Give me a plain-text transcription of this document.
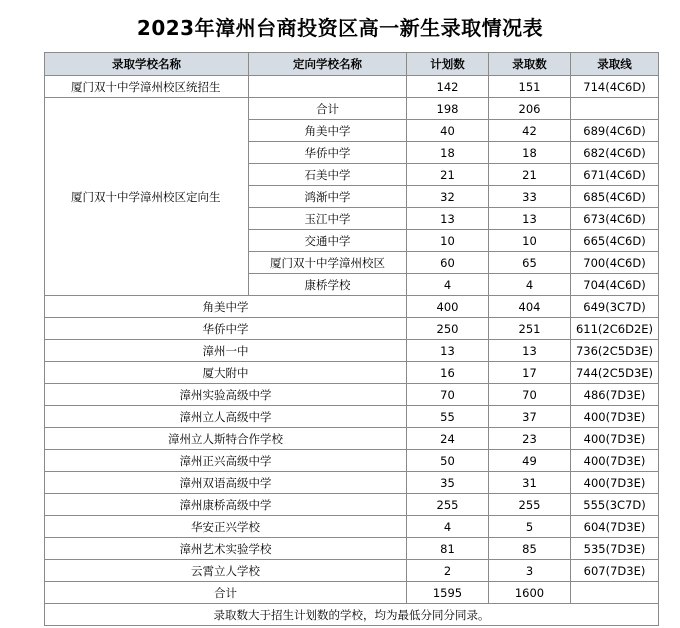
2023年漳州台商投资区高一新生录取情况表
录取学校名称	定向学校名称	计划数	录取数	录取线
厦门双十中学漳州校区统招生		142	151	714(4C6D)
厦门双十中学漳州校区定向生	合计	198	206	
	角美中学	40	42	689(4C6D)
	华侨中学	18	18	682(4C6D)
	石美中学	21	21	671(4C6D)
	鸿渐中学	32	33	685(4C6D)
	玉江中学	13	13	673(4C6D)
	交通中学	10	10	665(4C6D)
	厦门双十中学漳州校区	60	65	700(4C6D)
	康桥学校	4	4	704(4C6D)
角美中学		400	404	649(3C7D)
华侨中学		250	251	611(2C6D2E)
漳州一中		13	13	736(2C5D3E)
厦大附中		16	17	744(2C5D3E)
漳州实验高级中学		70	70	486(7D3E)
漳州立人高级中学		55	37	400(7D3E)
漳州立人斯特合作学校		24	23	400(7D3E)
漳州正兴高级中学		50	49	400(7D3E)
漳州双语高级中学		35	31	400(7D3E)
漳州康桥高级中学		255	255	555(3C7D)
华安正兴学校		4	5	604(7D3E)
漳州艺术实验学校		81	85	535(7D3E)
云霄立人学校		2	3	607(7D3E)
合计		1595	1600	
录取数大于招生计划数的学校，均为最低分同分同录。				
